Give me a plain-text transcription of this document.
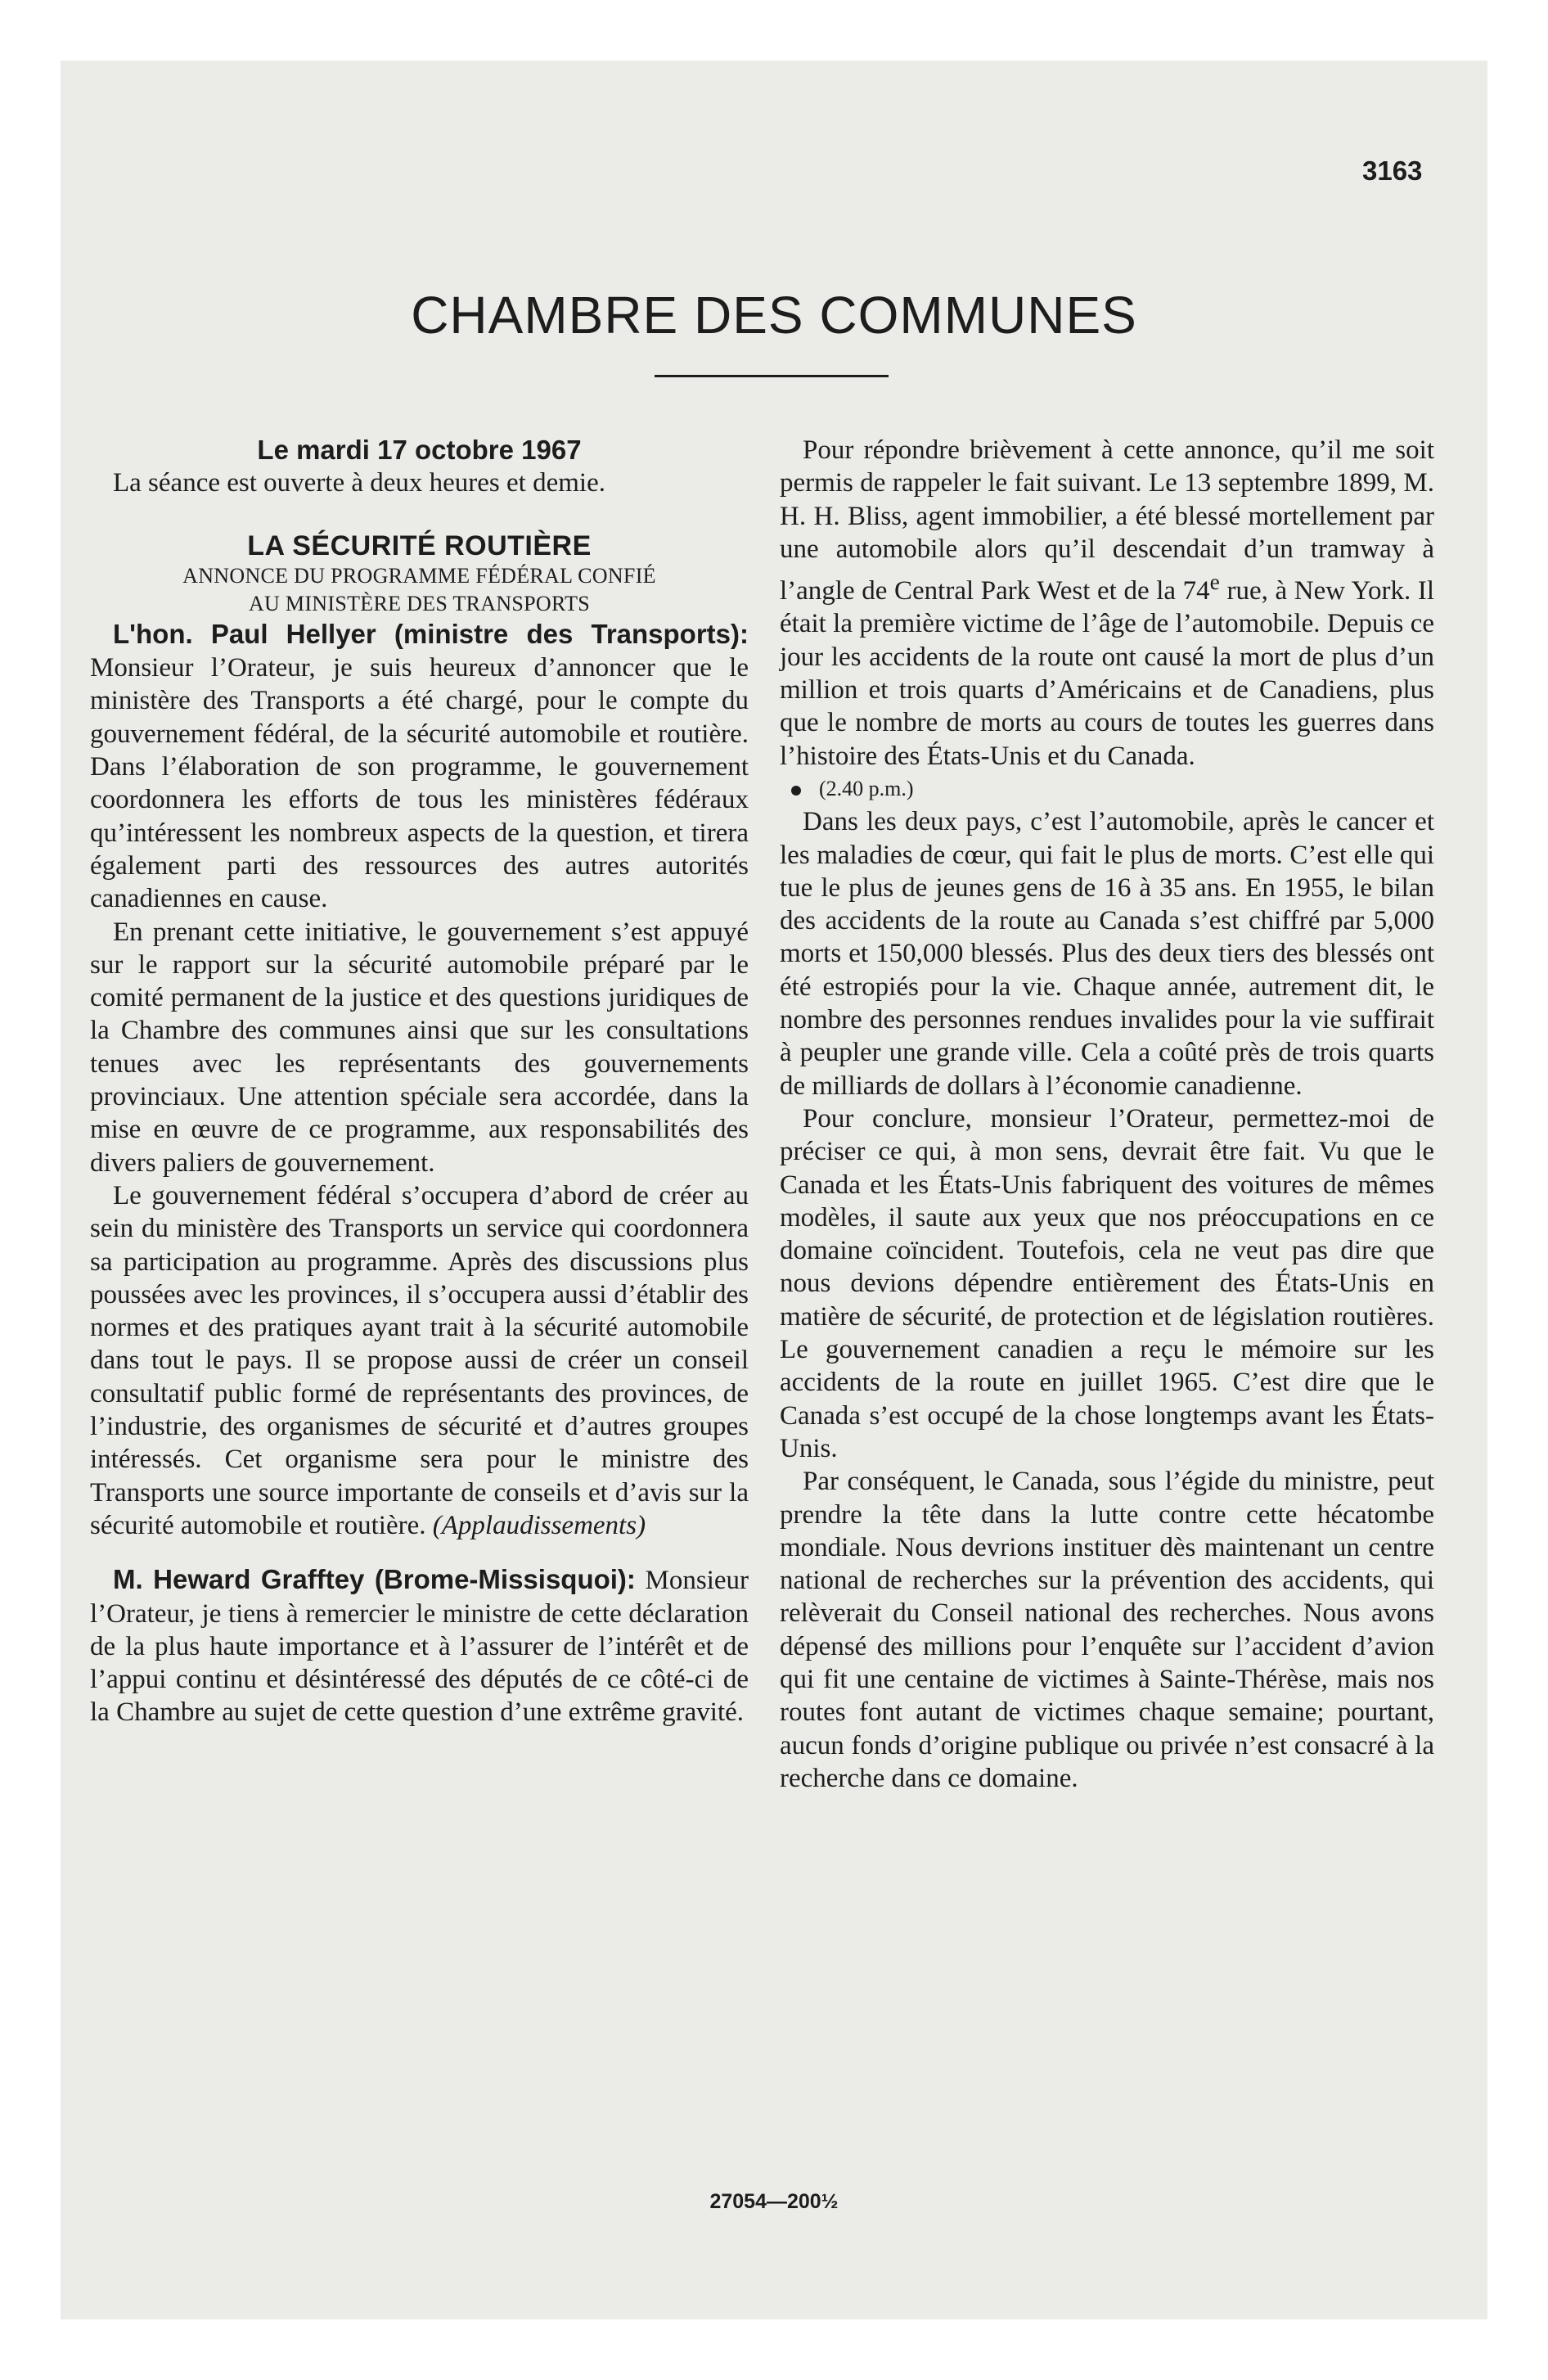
3163
CHAMBRE DES COMMUNES

Le mardi 17 octobre 1967

La séance est ouverte à deux heures et demie.

LA SÉCURITÉ ROUTIÈRE

ANNONCE DU PROGRAMME FÉDÉRAL CONFIÉ
AU MINISTÈRE DES TRANSPORTS

L'hon. Paul Hellyer (ministre des Transports): Monsieur l’Orateur, je suis heureux d’annoncer que le ministère des Transports a été chargé, pour le compte du gouvernement fédéral, de la sécurité automobile et routière. Dans l’élaboration de son programme, le gouvernement coordonnera les efforts de tous les ministères fédéraux qu’intéressent les nombreux aspects de la question, et tirera également parti des ressources des autres autorités canadiennes en cause.

En prenant cette initiative, le gouvernement s’est appuyé sur le rapport sur la sécurité automobile préparé par le comité permanent de la justice et des questions juridiques de la Chambre des communes ainsi que sur les consultations tenues avec les représentants des gouvernements provinciaux. Une attention spéciale sera accordée, dans la mise en œuvre de ce programme, aux responsabilités des divers paliers de gouvernement.

Le gouvernement fédéral s’occupera d’abord de créer au sein du ministère des Transports un service qui coordonnera sa participation au programme. Après des discussions plus poussées avec les provinces, il s’occupera aussi d’établir des normes et des pratiques ayant trait à la sécurité automobile dans tout le pays. Il se propose aussi de créer un conseil consultatif public formé de représentants des provinces, de l’industrie, des organismes de sécurité et d’autres groupes intéressés. Cet organisme sera pour le ministre des Transports une source importante de conseils et d’avis sur la sécurité automobile et routière. (Applaudissements)

M. Heward Grafftey (Brome-Missisquoi): Monsieur l’Orateur, je tiens à remercier le ministre de cette déclaration de la plus haute importance et à l’assurer de l’intérêt et de l’appui continu et désintéressé des députés de ce côté-ci de la Chambre au sujet de cette question d’une extrême gravité.

Pour répondre brièvement à cette annonce, qu’il me soit permis de rappeler le fait suivant. Le 13 septembre 1899, M. H. H. Bliss, agent immobilier, a été blessé mortellement par une automobile alors qu’il descendait d’un tramway à l’angle de Central Park West et de la 74e rue, à New York. Il était la première victime de l’âge de l’automobile. Depuis ce jour les accidents de la route ont causé la mort de plus d’un million et trois quarts d’Américains et de Canadiens, plus que le nombre de morts au cours de toutes les guerres dans l’histoire des États-Unis et du Canada.

(2.40 p.m.)

Dans les deux pays, c’est l’automobile, après le cancer et les maladies de cœur, qui fait le plus de morts. C’est elle qui tue le plus de jeunes gens de 16 à 35 ans. En 1955, le bilan des accidents de la route au Canada s’est chiffré par 5,000 morts et 150,000 blessés. Plus des deux tiers des blessés ont été estropiés pour la vie. Chaque année, autrement dit, le nombre des personnes rendues invalides pour la vie suffirait à peupler une grande ville. Cela a coûté près de trois quarts de milliards de dollars à l’économie canadienne.

Pour conclure, monsieur l’Orateur, permettez-moi de préciser ce qui, à mon sens, devrait être fait. Vu que le Canada et les États-Unis fabriquent des voitures de mêmes modèles, il saute aux yeux que nos préoccupations en ce domaine coïncident. Toutefois, cela ne veut pas dire que nous devions dépendre entièrement des États-Unis en matière de sécurité, de protection et de législation routières. Le gouvernement canadien a reçu le mémoire sur les accidents de la route en juillet 1965. C’est dire que le Canada s’est occupé de la chose longtemps avant les États-Unis.

Par conséquent, le Canada, sous l’égide du ministre, peut prendre la tête dans la lutte contre cette hécatombe mondiale. Nous devrions instituer dès maintenant un centre national de recherches sur la prévention des accidents, qui relèverait du Conseil national des recherches. Nous avons dépensé des millions pour l’enquête sur l’accident d’avion qui fit une centaine de victimes à Sainte-Thérèse, mais nos routes font autant de victimes chaque semaine; pourtant, aucun fonds d’origine publique ou privée n’est consacré à la recherche dans ce domaine.

27054—200½
